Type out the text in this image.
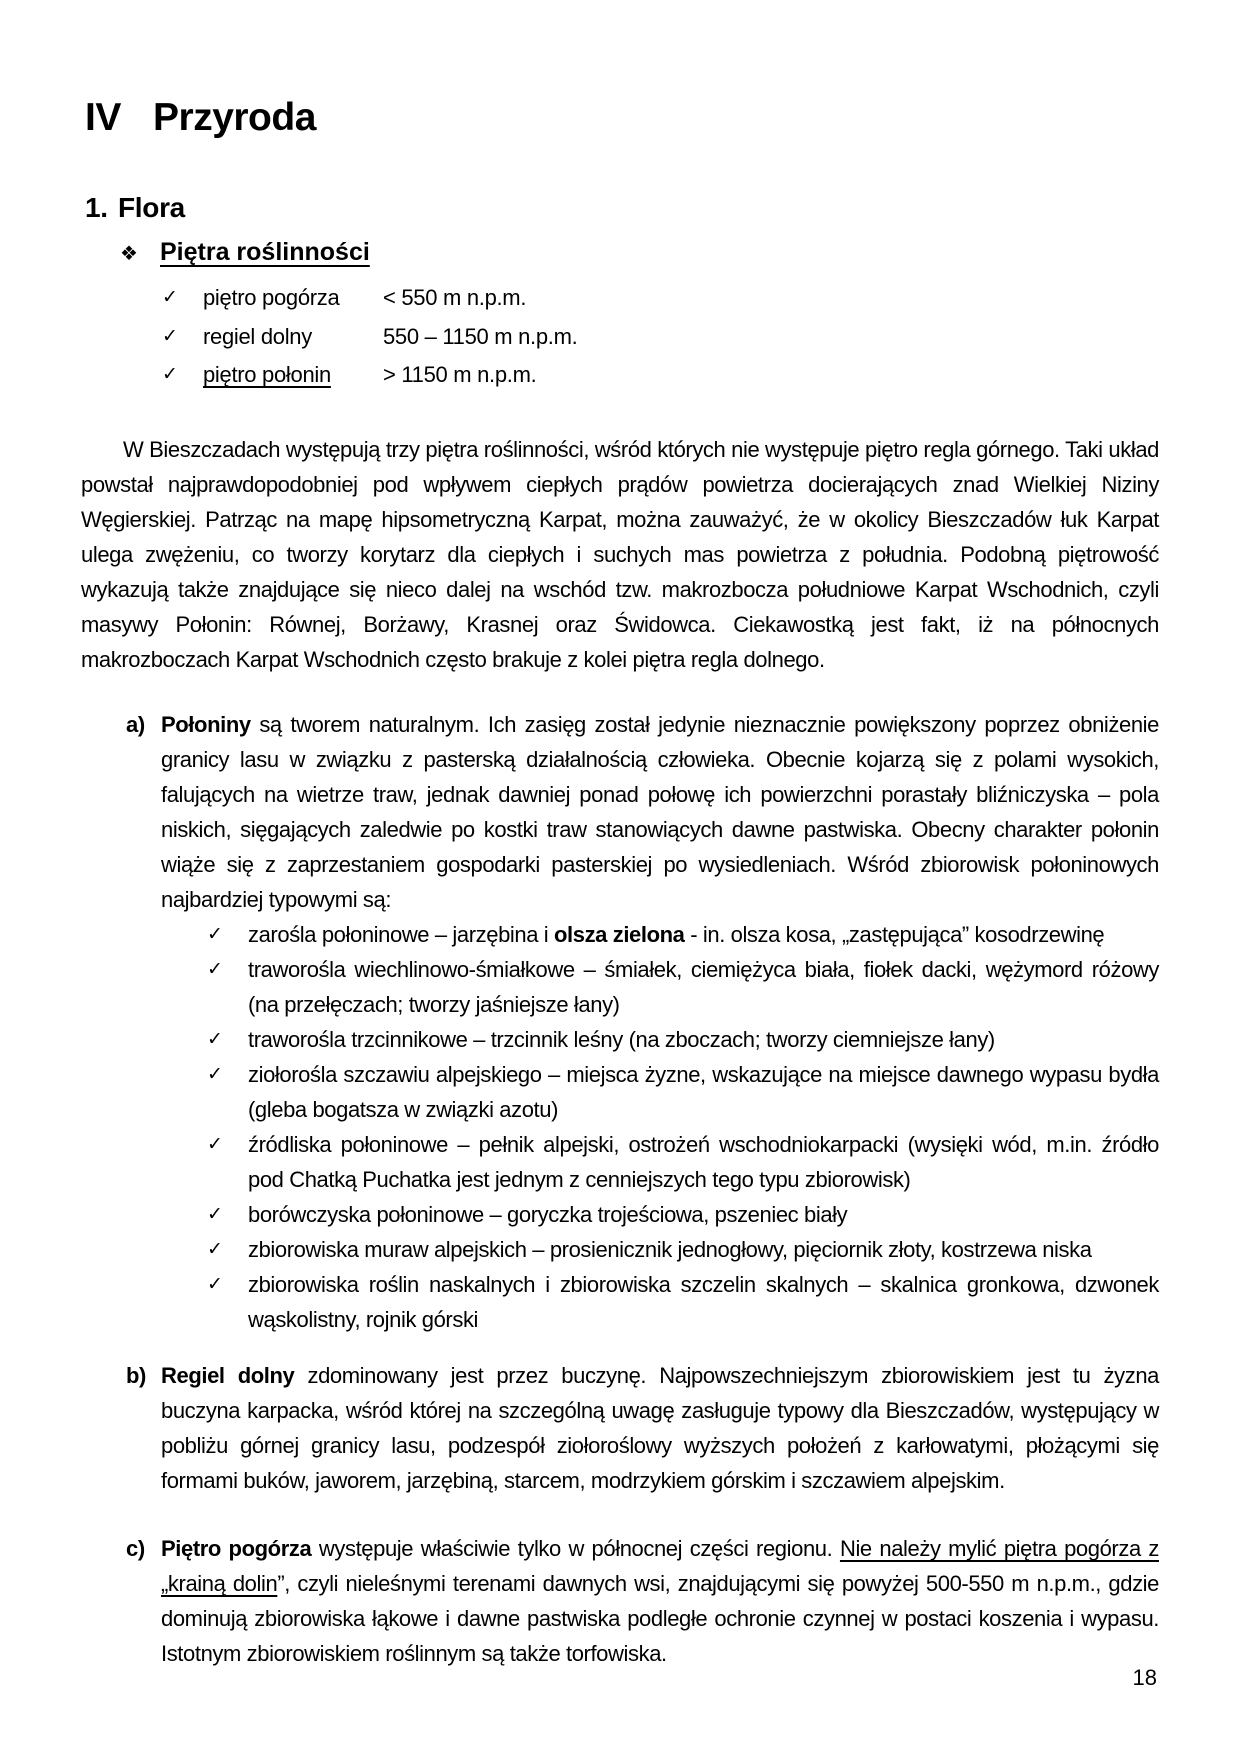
IV Przyroda
1. Flora
❖ Piętra roślinności
✓	piętro pogórza	< 550 m n.p.m.
✓	regiel dolny	550 – 1150 m n.p.m.
✓	piętro połonin	> 1150 m n.p.m.

W Bieszczadach występują trzy piętra roślinności, wśród których nie występuje piętro regla górnego. Taki układ powstał najprawdopodobniej pod wpływem ciepłych prądów powietrza docierających znad Wielkiej Niziny Węgierskiej. Patrząc na mapę hipsometryczną Karpat, można zauważyć, że w okolicy Bieszczadów łuk Karpat ulega zwężeniu, co tworzy korytarz dla ciepłych i suchych mas powietrza z południa. Podobną piętrowość wykazują także znajdujące się nieco dalej na wschód tzw. makrozbocza południowe Karpat Wschodnich, czyli masywy Połonin: Równej, Borżawy, Krasnej oraz Świdowca. Ciekawostką jest fakt, iż na północnych makrozboczach Karpat Wschodnich często brakuje z kolei piętra regla dolnego.

a) Połoniny są tworem naturalnym. Ich zasięg został jedynie nieznacznie powiększony poprzez obniżenie granicy lasu w związku z pasterską działalnością człowieka. Obecnie kojarzą się z polami wysokich, falujących na wietrze traw, jednak dawniej ponad połowę ich powierzchni porastały bliźniczyska – pola niskich, sięgających zaledwie po kostki traw stanowiących dawne pastwiska. Obecny charakter połonin wiąże się z zaprzestaniem gospodarki pasterskiej po wysiedleniach. Wśród zbiorowisk połoninowych najbardziej typowymi są:

✓	zarośla połoninowe – jarzębina i olsza zielona - in. olsza kosa, „zastępująca” kosodrzewinę
✓	traworośla wiechlinowo-śmiałkowe – śmiałek, ciemiężyca biała, fiołek dacki, wężymord różowy (na przełęczach; tworzy jaśniejsze łany)
✓	traworośla trzcinnikowe – trzcinnik leśny (na zboczach; tworzy ciemniejsze łany)
✓	ziołorośla szczawiu alpejskiego – miejsca żyzne, wskazujące na miejsce dawnego wypasu bydła (gleba bogatsza w związki azotu)
✓	źródliska połoninowe – pełnik alpejski, ostrożeń wschodniokarpacki (wysięki wód, m.in. źródło pod Chatką Puchatka jest jednym z cenniejszych tego typu zbiorowisk)
✓	borówczyska połoninowe – goryczka trojeściowa, pszeniec biały
✓	zbiorowiska muraw alpejskich – prosienicznik jednogłowy, pięciornik złoty, kostrzewa niska
✓	zbiorowiska roślin naskalnych i zbiorowiska szczelin skalnych – skalnica gronkowa, dzwonek wąskolistny, rojnik górski
b) Regiel dolny zdominowany jest przez buczynę. Najpowszechniejszym zbiorowiskiem jest tu żyzna buczyna karpacka, wśród której na szczególną uwagę zasługuje typowy dla Bieszczadów, występujący w pobliżu górnej granicy lasu, podzespół ziołoroślowy wyższych położeń z karłowatymi, płożącymi się formami buków, jaworem, jarzębiną, starcem, modrzykiem górskim i szczawiem alpejskim.

c) Piętro pogórza występuje właściwie tylko w północnej części regionu. Nie należy mylić piętra pogórza z „krainą dolin”, czyli nieleśnymi terenami dawnych wsi, znajdującymi się powyżej 500-550 m n.p.m., gdzie dominują zbiorowiska łąkowe i dawne pastwiska podległe ochronie czynnej w postaci koszenia i wypasu. Istotnym zbiorowiskiem roślinnym są także torfowiska.

18
